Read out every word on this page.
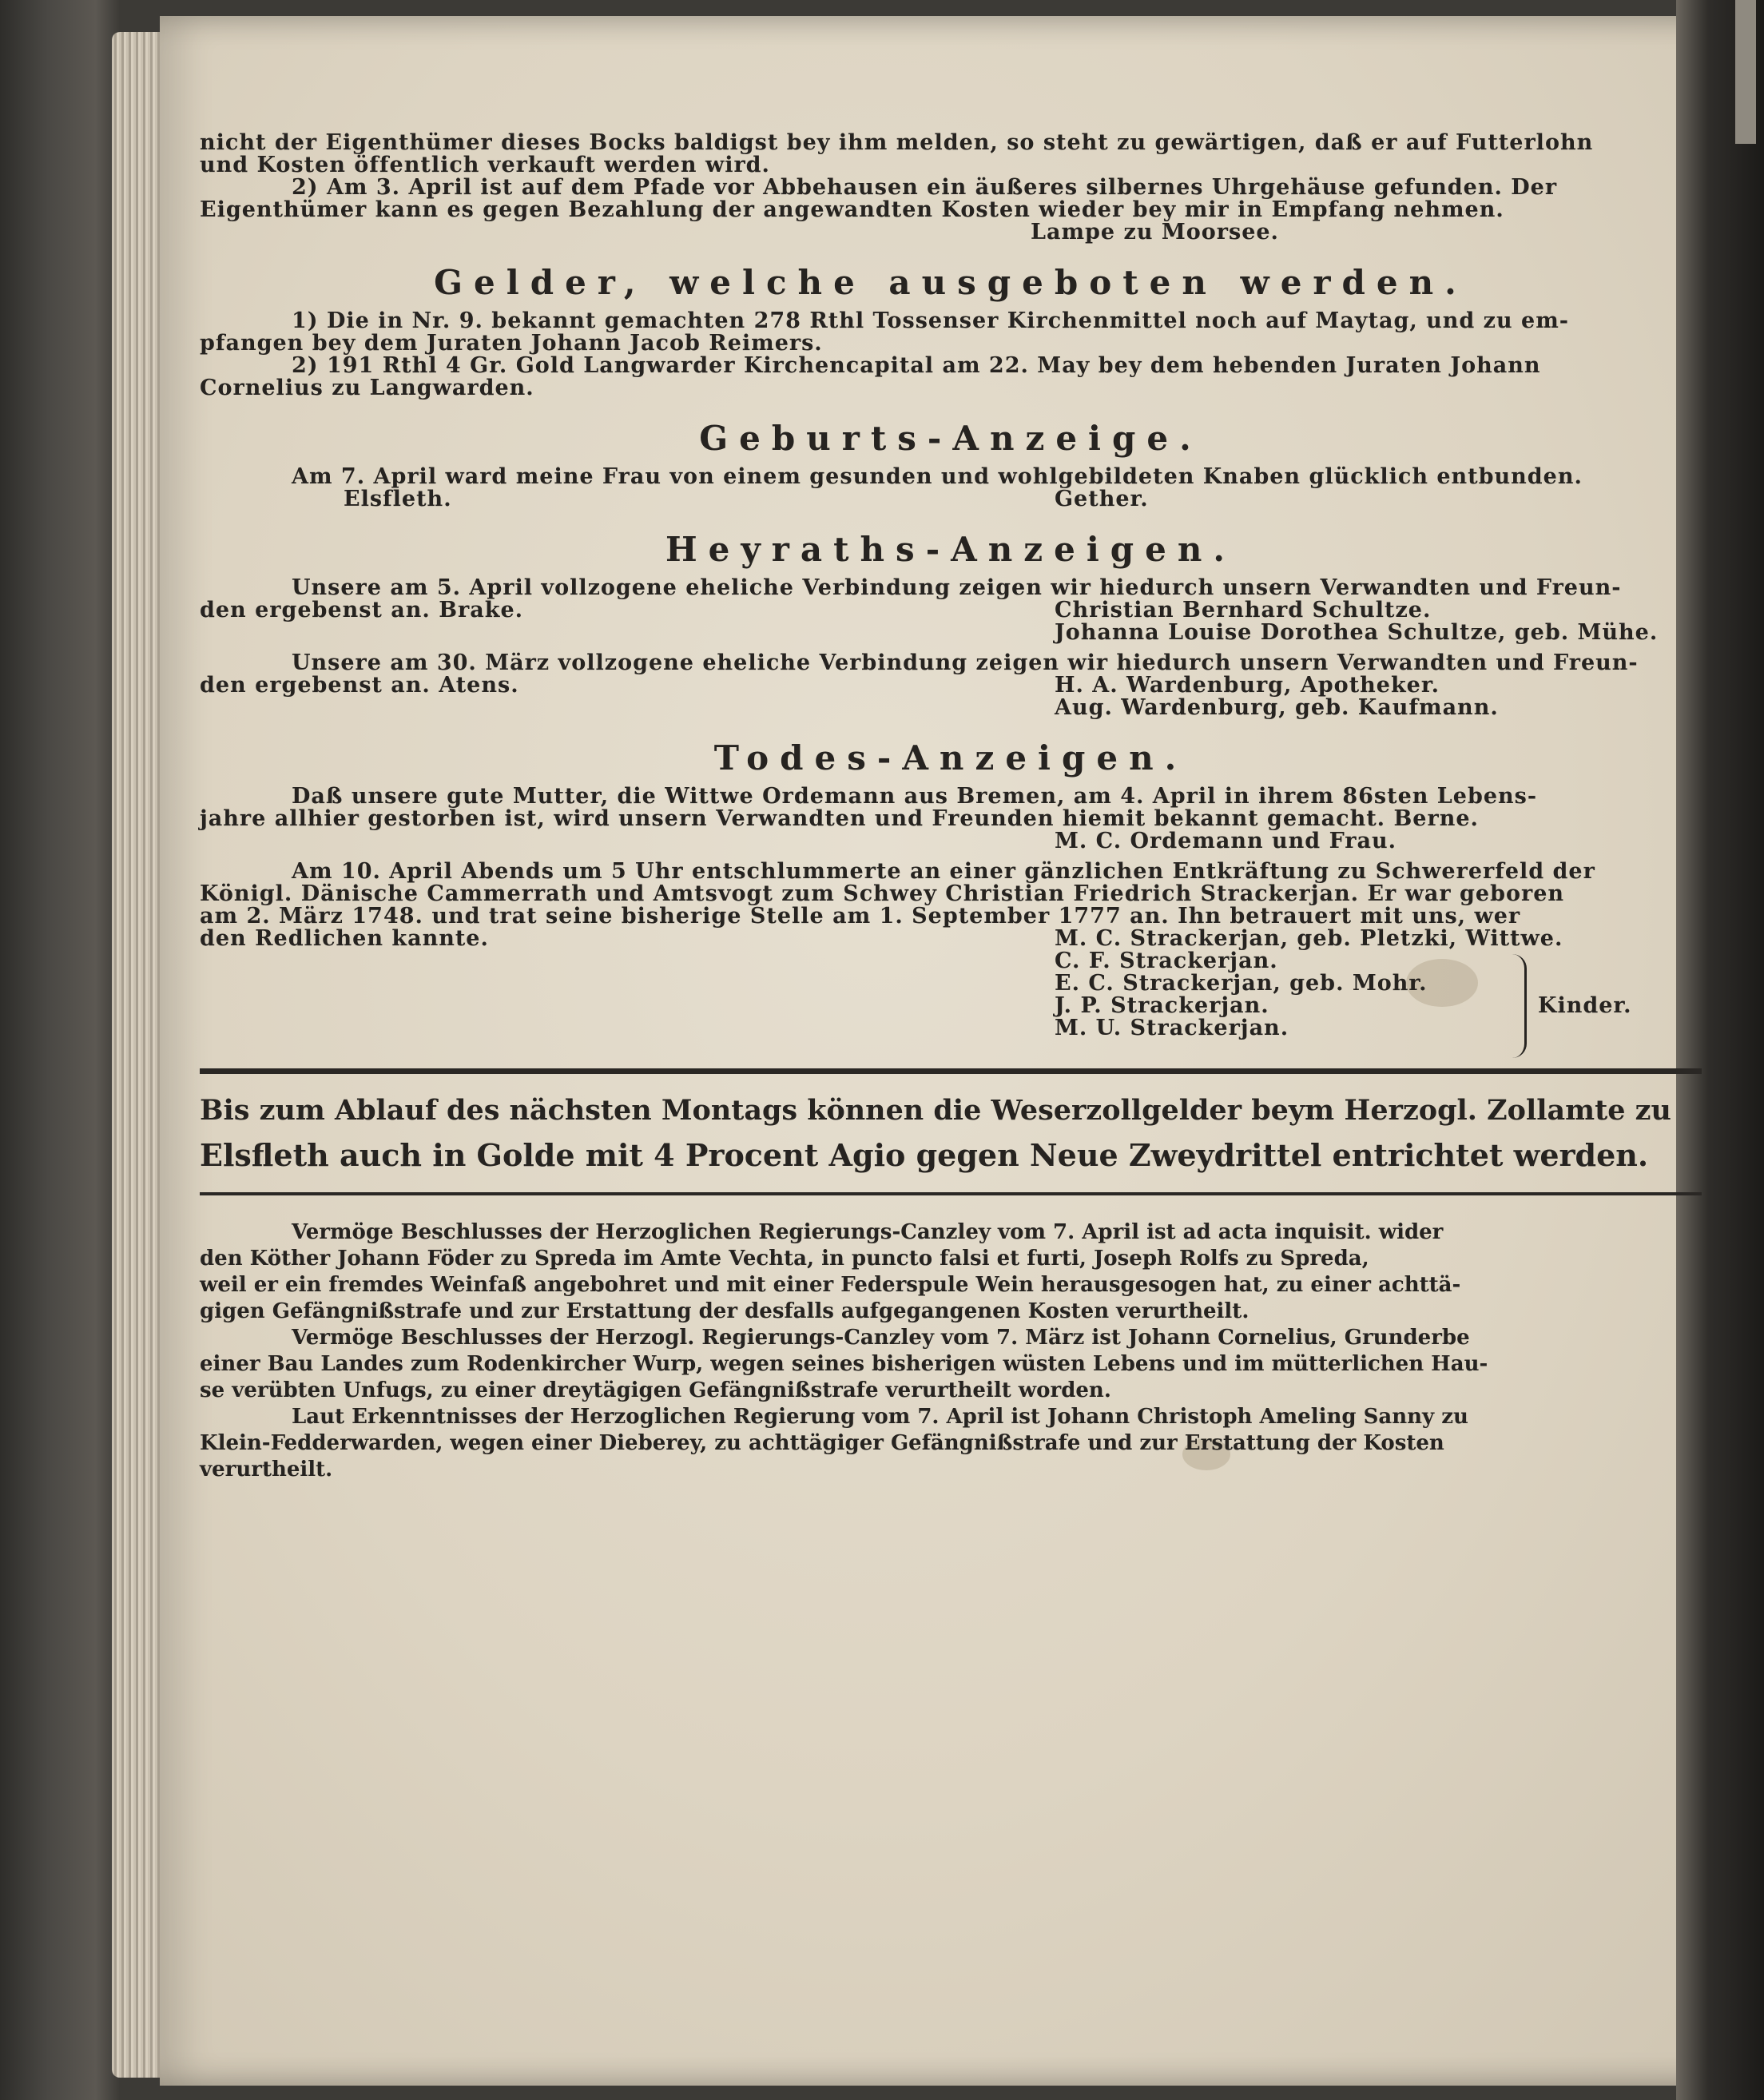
nicht der Eigenthümer dieses Bocks baldigst bey ihm melden, so steht zu gewärtigen, daß er auf Futterlohn
und Kosten öffentlich verkauft werden wird.
2) Am 3. April ist auf dem Pfade vor Abbehausen ein äußeres silbernes Uhrgehäuse gefunden. Der
Eigenthümer kann es gegen Bezahlung der angewandten Kosten wieder bey mir in Empfang nehmen.
Lampe zu Moorsee.
Gelder, welche ausgeboten werden.
1) Die in Nr. 9. bekannt gemachten 278 Rthl Tossenser Kirchenmittel noch auf Maytag, und zu em-
pfangen bey dem Juraten Johann Jacob Reimers.
2) 191 Rthl 4 Gr. Gold Langwarder Kirchencapital am 22. May bey dem hebenden Juraten Johann
Cornelius zu Langwarden.
Geburts-Anzeige.
Am 7. April ward meine Frau von einem gesunden und wohlgebildeten Knaben glücklich entbunden.
Elsfleth.	Gether.
Heyraths-Anzeigen.
Unsere am 5. April vollzogene eheliche Verbindung zeigen wir hiedurch unsern Verwandten und Freun-
den ergebenst an. Brake.	Christian Bernhard Schultze.
Johanna Louise Dorothea Schultze, geb. Mühe.
Unsere am 30. März vollzogene eheliche Verbindung zeigen wir hiedurch unsern Verwandten und Freun-
den ergebenst an. Atens.	H. A. Wardenburg, Apotheker.
Aug. Wardenburg, geb. Kaufmann.
Todes-Anzeigen.
Daß unsere gute Mutter, die Wittwe Ordemann aus Bremen, am 4. April in ihrem 86sten Lebens-
jahre allhier gestorben ist, wird unsern Verwandten und Freunden hiemit bekannt gemacht. Berne.
M. C. Ordemann und Frau.
Am 10. April Abends um 5 Uhr entschlummerte an einer gänzlichen Entkräftung zu Schwererfeld der
Königl. Dänische Cammerrath und Amtsvogt zum Schwey Christian Friedrich Strackerjan. Er war geboren
am 2. März 1748. und trat seine bisherige Stelle am 1. September 1777 an. Ihn betrauert mit uns, wer
den Redlichen kannte.	M. C. Strackerjan, geb. Pletzki, Wittwe.
C. F. Strackerjan.
E. C. Strackerjan, geb. Mohr.
J. P. Strackerjan.
M. U. Strackerjan.
Kinder.
Bis zum Ablauf des nächsten Montags können die Weserzollgelder beym Herzogl. Zollamte zu
Elsfleth auch in Golde mit 4 Procent Agio gegen Neue Zweydrittel entrichtet werden.
Vermöge Beschlusses der Herzoglichen Regierungs-Canzley vom 7. April ist ad acta inquisit. wider
den Köther Johann Föder zu Spreda im Amte Vechta, in puncto falsi et furti, Joseph Rolfs zu Spreda,
weil er ein fremdes Weinfaß angebohret und mit einer Federspule Wein herausgesogen hat, zu einer achttä-
gigen Gefängnißstrafe und zur Erstattung der desfalls aufgegangenen Kosten verurtheilt.
Vermöge Beschlusses der Herzogl. Regierungs-Canzley vom 7. März ist Johann Cornelius, Grunderbe
einer Bau Landes zum Rodenkircher Wurp, wegen seines bisherigen wüsten Lebens und im mütterlichen Hau-
se verübten Unfugs, zu einer dreytägigen Gefängnißstrafe verurtheilt worden.
Laut Erkenntnisses der Herzoglichen Regierung vom 7. April ist Johann Christoph Ameling Sanny zu
Klein-Fedderwarden, wegen einer Dieberey, zu achttägiger Gefängnißstrafe und zur Erstattung der Kosten
verurtheilt.
